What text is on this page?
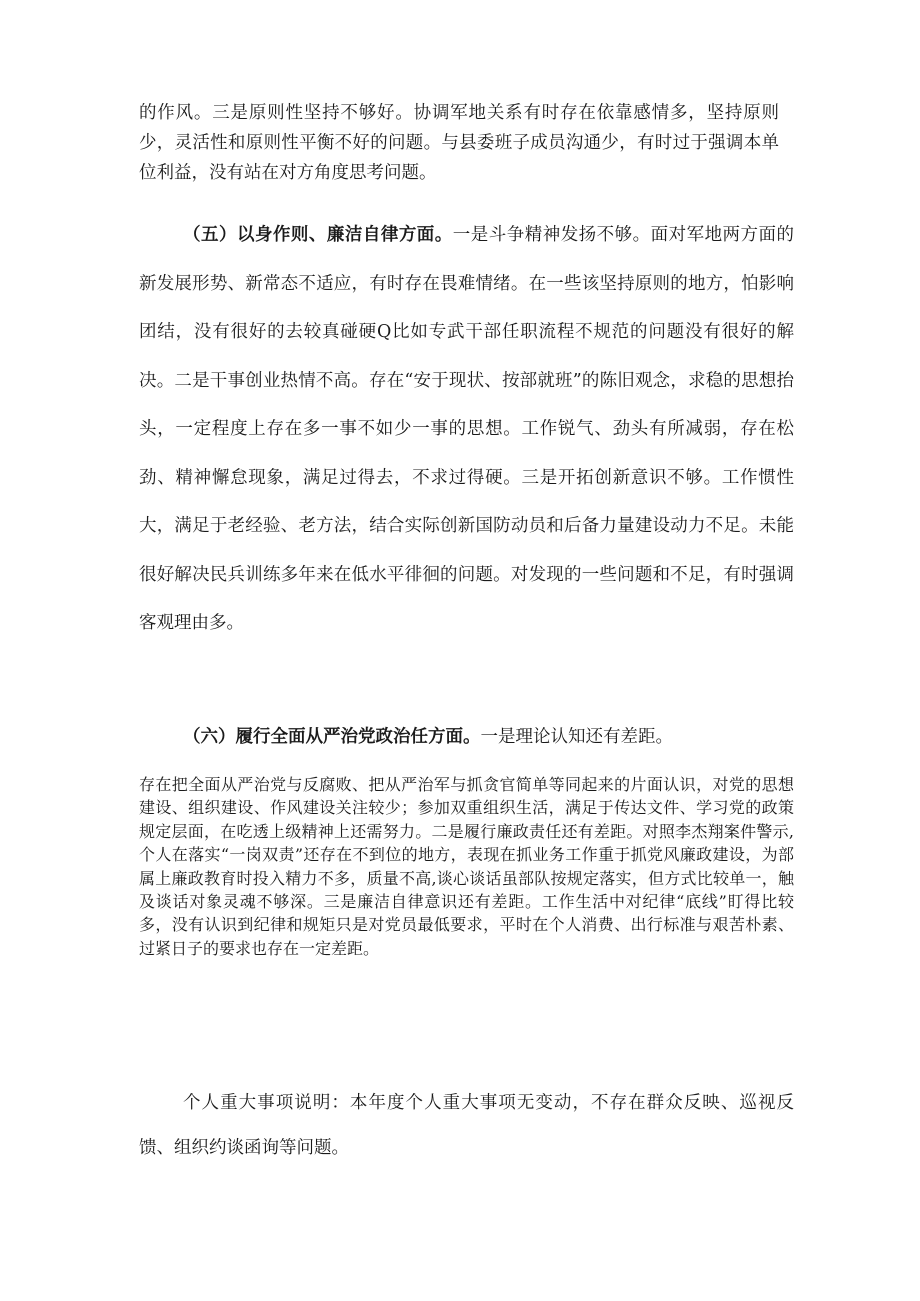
的作风。三是原则性坚持不够好。协调军地关系有时存在依靠感情多，坚持原则少，灵活性和原则性平衡不好的问题。与县委班子成员沟通少，有时过于强调本单位利益，没有站在对方角度思考问题。

（五）以身作则、廉洁自律方面。一是斗争精神发扬不够。面对军地两方面的新发展形势、新常态不适应，有时存在畏难情绪。在一些该坚持原则的地方，怕影响团结，没有很好的去较真碰硬Q比如专武干部任职流程不规范的问题没有很好的解决。二是干事创业热情不高。存在“安于现状、按部就班”的陈旧观念，求稳的思想抬头，一定程度上存在多一事不如少一事的思想。工作锐气、劲头有所减弱，存在松劲、精神懈怠现象，满足过得去，不求过得硬。三是开拓创新意识不够。工作惯性大，满足于老经验、老方法，结合实际创新国防动员和后备力量建设动力不足。未能很好解决民兵训练多年来在低水平徘徊的问题。对发现的一些问题和不足，有时强调客观理由多。

（六）履行全面从严治党政治任方面。一是理论认知还有差距。

存在把全面从严治党与反腐败、把从严治军与抓贪官简单等同起来的片面认识，对党的思想建设、组织建设、作风建设关注较少；参加双重组织生活，满足于传达文件、学习党的政策规定层面，在吃透上级精神上还需努力。二是履行廉政责任还有差距。对照李杰翔案件警示,个人在落实“一岗双责”还存在不到位的地方，表现在抓业务工作重于抓党风廉政建设，为部属上廉政教育时投入精力不多，质量不高,谈心谈话虽部队按规定落实，但方式比较单一，触及谈话对象灵魂不够深。三是廉洁自律意识还有差距。工作生活中对纪律“底线”盯得比较多，没有认识到纪律和规矩只是对党员最低要求，平时在个人消费、出行标准与艰苦朴素、过紧日子的要求也存在一定差距。

个人重大事项说明：本年度个人重大事项无变动，不存在群众反映、巡视反馈、组织约谈函询等问题。
